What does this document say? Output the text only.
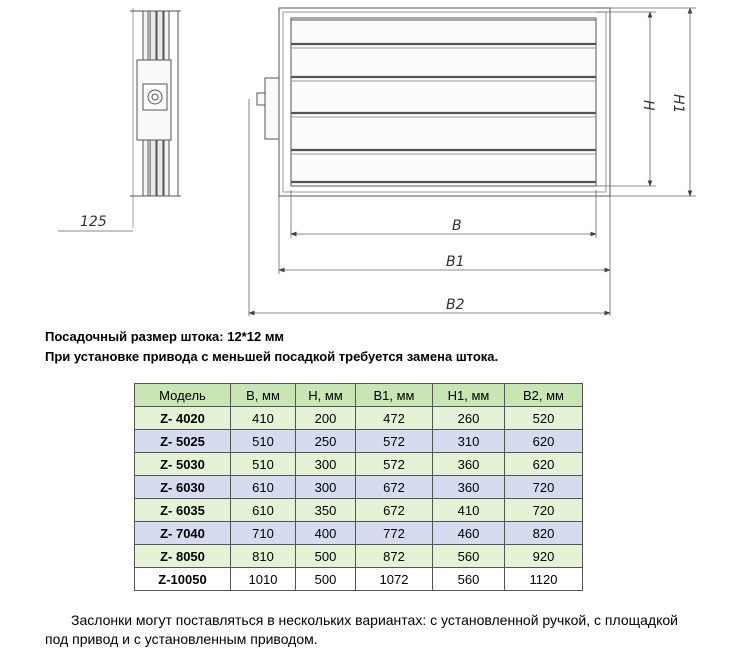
125	B
B1
B2
H H1
Посадочный размер штока: 12*12 мм
При установке привода с меньшей посадкой требуется замена штока.
Модель	B, мм	H, мм	B1, мм	H1, мм	B2, мм
Z- 4020	410	200	472	260	520
Z- 5025	510	250	572	310	620
Z- 5030	510	300	572	360	620
Z- 6030	610	300	672	360	720
Z- 6035	610	350	672	410	720
Z- 7040	710	400	772	460	820
Z- 8050	810	500	872	560	920
Z-10050	1010	500	1072	560	1120
Заслонки могут поставляться в нескольких вариантах: с установленной ручкой, с площадкой под привод и с установленным приводом.
